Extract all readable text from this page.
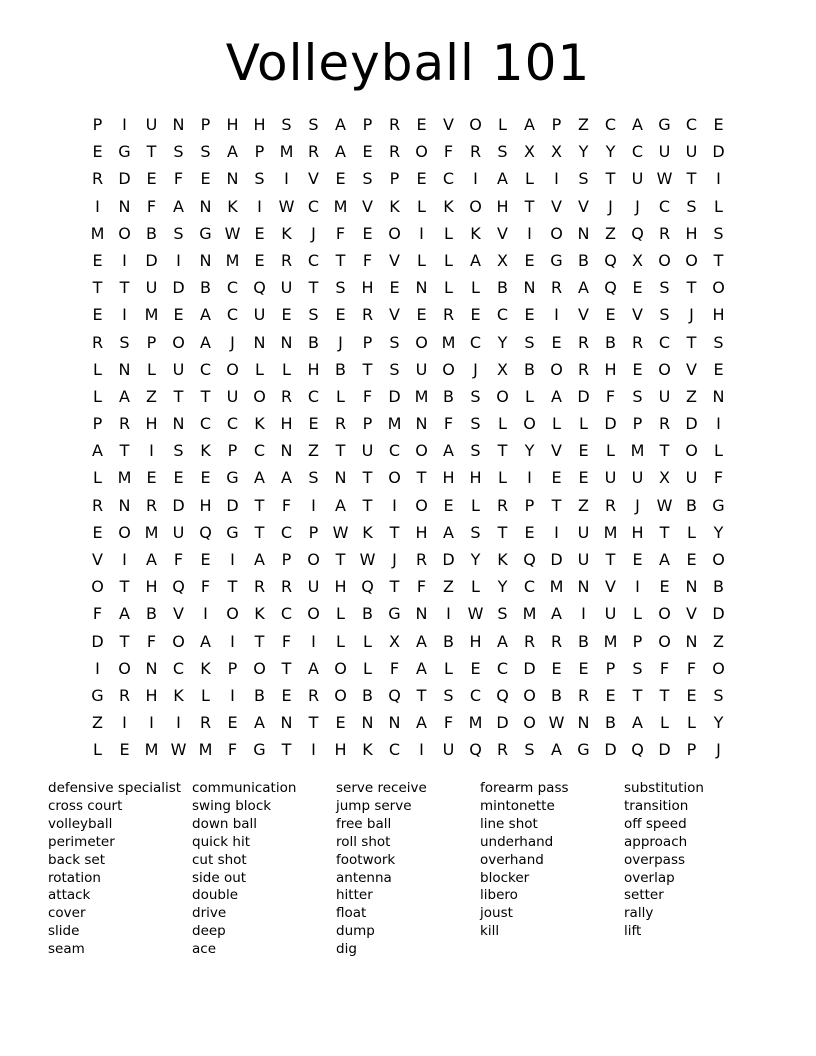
Volleyball 101
P	I	U N	P	H H S	S	A	P	R	E	V O	L	A	P	Z C A G C	E
E G T	S	S	A	P M R A	E	R O	F	R	S	X	X	Y	Y	C U U D
R D E	F	E N S	I	V	E	S	P	E	C	I	A	L	I	S	T	U W T	I
I	N	F	A N K	I	W C M V	K	L	K O H	T	V	V	J	J	C	S	L
M O B	S G W E	K	J	F	E O	I	L	K	V	I	O N Z Q R H S
E	I	D	I	N M E	R C	T	F	V	L	L	A	X	E G B Q X O O T
T	T	U D B C Q U	T	S H E N	L	L	B N R A Q E	S	T O
E	I	M E	A C U	E	S	E	R V	E	R	E	C	E	I	V	E	V	S	J	H
R	S	P O A	J	N N B	J	P	S O M C	Y	S	E	R B R C	T	S
L	N	L	U C O	L	L	H B	T	S	U O	J	X	B O R H E O V	E
L	A	Z	T	T	U O R C	L	F	D M B	S O	L	A D	F	S	U Z N
P	R H N C C	K H E	R	P M N	F	S	L	O	L	L	D	P	R D	I
A	T	I	S	K	P	C N Z	T	U C O A	S	T	Y	V	E	L M T O	L
L M E	E	E G A	A	S N	T O T	H H	L	I	E	E	U U X U	F
R N R D H D T	F	I	A	T	I	O E	L	R	P	T	Z R	J	W B G
E O M U Q G T	C	P W K	T	H A	S	T	E	I	U M H	T	L	Y
V	I	A	F	E	I	A	P O T W	J	R D Y	K Q D U	T	E	A	E O
O T	H Q	F	T	R R U H Q T	F	Z	L	Y	C M N V	I	E N B
F	A	B	V	I	O K	C O	L	B G N	I	W S M A	I	U	L	O V D
D T	F	O A	I	T	F	I	L	L	X	A	B H A R R B M P O N Z
I	O N C	K	P O T	A O	L	F	A	L	E	C D E	E	P	S	F	F	O
G R H K	L	I	B	E	R O B Q T	S	C Q O B R	E	T	T	E	S
Z	I	I	I	R	E	A N	T	E N N A	F M D O W N B	A	L	L	Y
L	E M W M F	G T	I	H K	C	I	U Q R	S	A G D Q D	P	J
defensive specialist
cross court
volleyball
perimeter
back set
rotation
attack
cover
slide
seam
communication
swing block
down ball
quick hit
cut shot
side out
double
drive
deep
ace
serve receive
jump serve
free ball
roll shot
footwork
antenna
hitter
float
dump
dig
forearm pass
mintonette
line shot
underhand
overhand
blocker
libero
joust
kill
substitution
transition
off speed
approach
overpass
overlap
setter
rally
lift
